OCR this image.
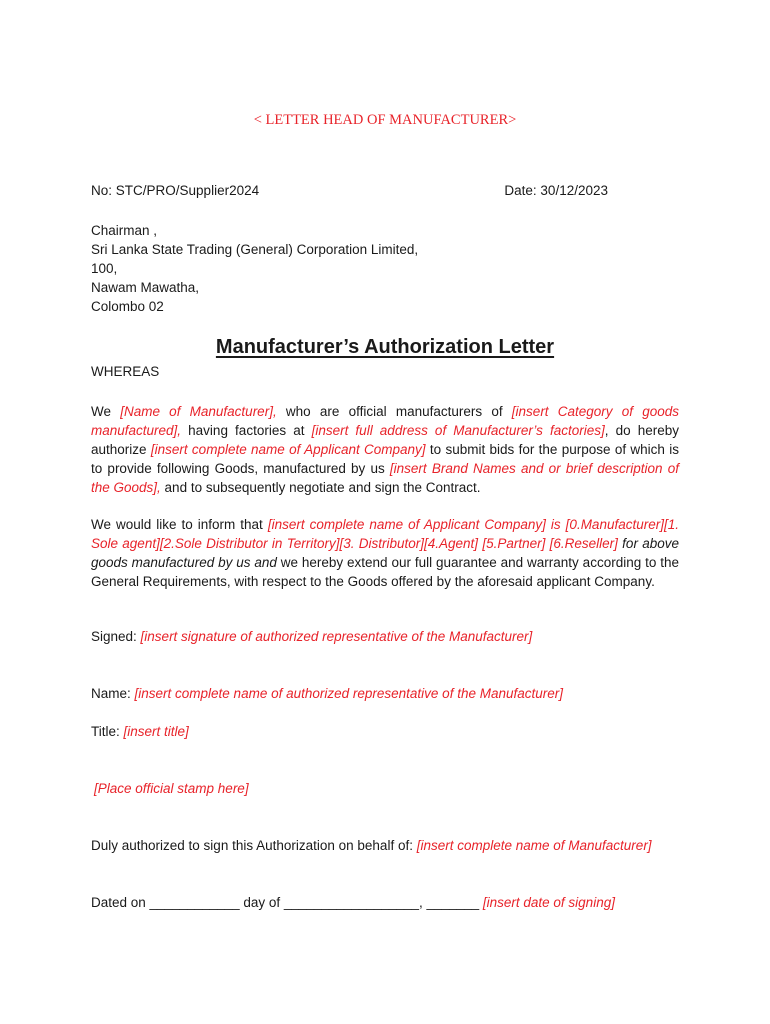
< LETTER HEAD OF MANUFACTURER>
No: STC/PRO/Supplier2024	Date: 30/12/2023
Chairman ,
Sri Lanka State Trading (General) Corporation Limited,
100,
Nawam Mawatha,
Colombo 02
Manufacturer’s Authorization Letter
WHEREAS
We [Name of Manufacturer], who are official manufacturers of [insert Category of goods manufactured], having factories at [insert full address of Manufacturer’s factories], do hereby authorize [insert complete name of Applicant Company] to submit bids for the purpose of which is to provide following Goods, manufactured by us [insert Brand Names and or brief description of the Goods], and to subsequently negotiate and sign the Contract.
We would like to inform that [insert complete name of Applicant Company] is [0.Manufacturer][1. Sole agent][2.Sole Distributor in Territory][3. Distributor][4.Agent] [5.Partner] [6.Reseller] for above goods manufactured by us and we hereby extend our full guarantee and warranty according to the General Requirements, with respect to the Goods offered by the aforesaid applicant Company.
Signed: [insert signature of authorized representative of the Manufacturer]
Name: [insert complete name of authorized representative of the Manufacturer]
Title: [insert title]
[Place official stamp here]
Duly authorized to sign this Authorization on behalf of: [insert complete name of Manufacturer]
Dated on ____________ day of __________________, _______ [insert date of signing]
